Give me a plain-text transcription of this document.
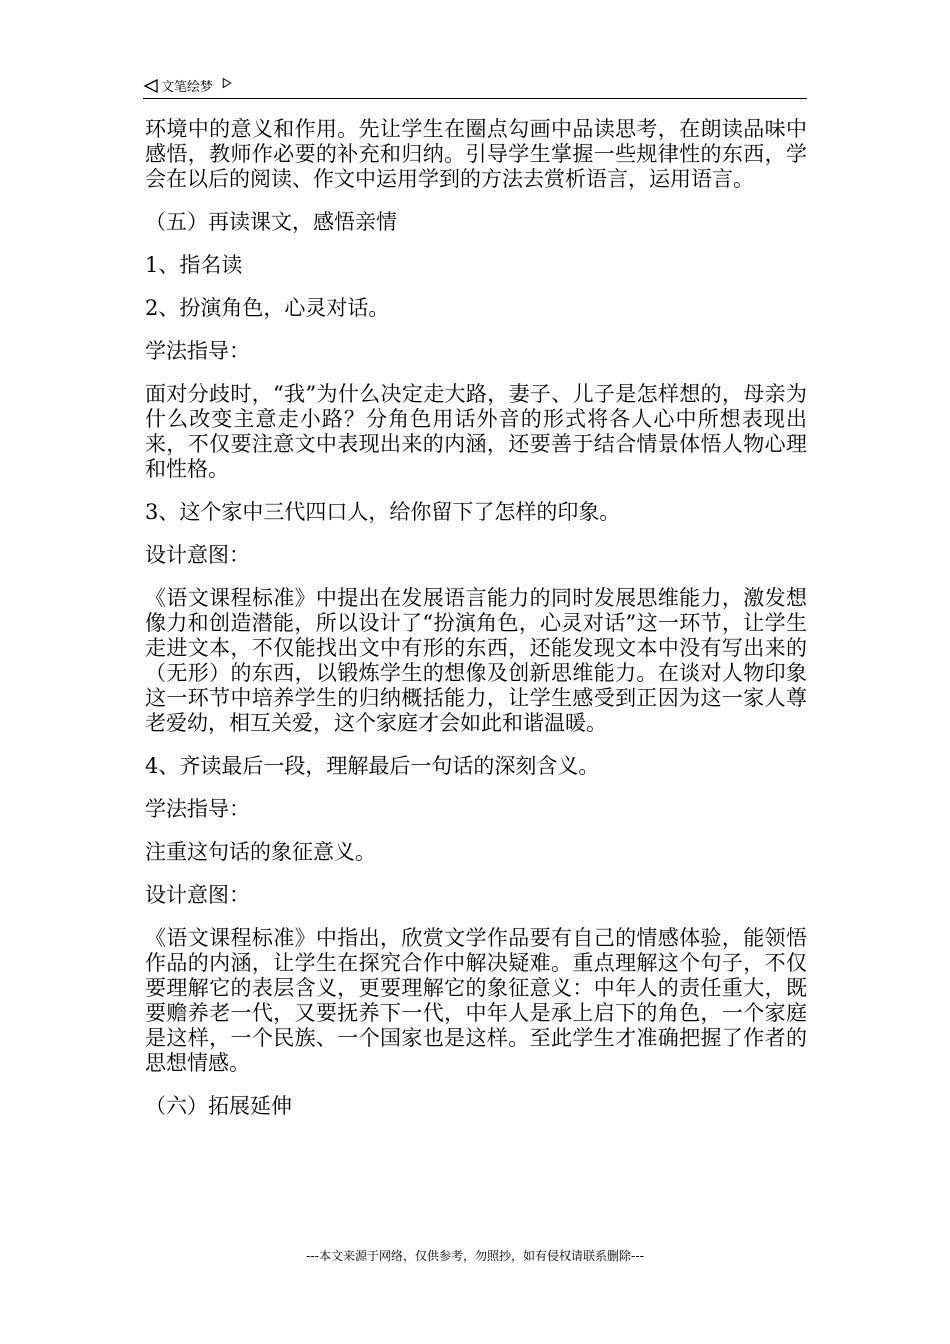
文笔绘梦

环境中的意义和作用。先让学生在圈点勾画中品读思考，在朗读品味中感悟，教师作必要的补充和归纳。引导学生掌握一些规律性的东西，学会在以后的阅读、作文中运用学到的方法去赏析语言，运用语言。

（五）再读课文，感悟亲情

1、指名读

2、扮演角色，心灵对话。

学法指导：

面对分歧时，“我”为什么决定走大路，妻子、儿子是怎样想的，母亲为什么改变主意走小路？分角色用话外音的形式将各人心中所想表现出来，不仅要注意文中表现出来的内涵，还要善于结合情景体悟人物心理和性格。

3、这个家中三代四口人，给你留下了怎样的印象。

设计意图：

《语文课程标准》中提出在发展语言能力的同时发展思维能力，激发想像力和创造潜能，所以设计了“扮演角色，心灵对话”这一环节，让学生走进文本，不仅能找出文中有形的东西，还能发现文本中没有写出来的（无形）的东西，以锻炼学生的想像及创新思维能力。在谈对人物印象这一环节中培养学生的归纳概括能力，让学生感受到正因为这一家人尊老爱幼，相互关爱，这个家庭才会如此和谐温暖。

4、齐读最后一段，理解最后一句话的深刻含义。

学法指导：

注重这句话的象征意义。

设计意图：

《语文课程标准》中指出，欣赏文学作品要有自己的情感体验，能领悟作品的内涵，让学生在探究合作中解决疑难。重点理解这个句子，不仅要理解它的表层含义，更要理解它的象征意义：中年人的责任重大，既要赡养老一代，又要抚养下一代，中年人是承上启下的角色，一个家庭是这样，一个民族、一个国家也是这样。至此学生才准确把握了作者的思想情感。

（六）拓展延伸

---本文来源于网络，仅供参考，勿照抄，如有侵权请联系删除---
